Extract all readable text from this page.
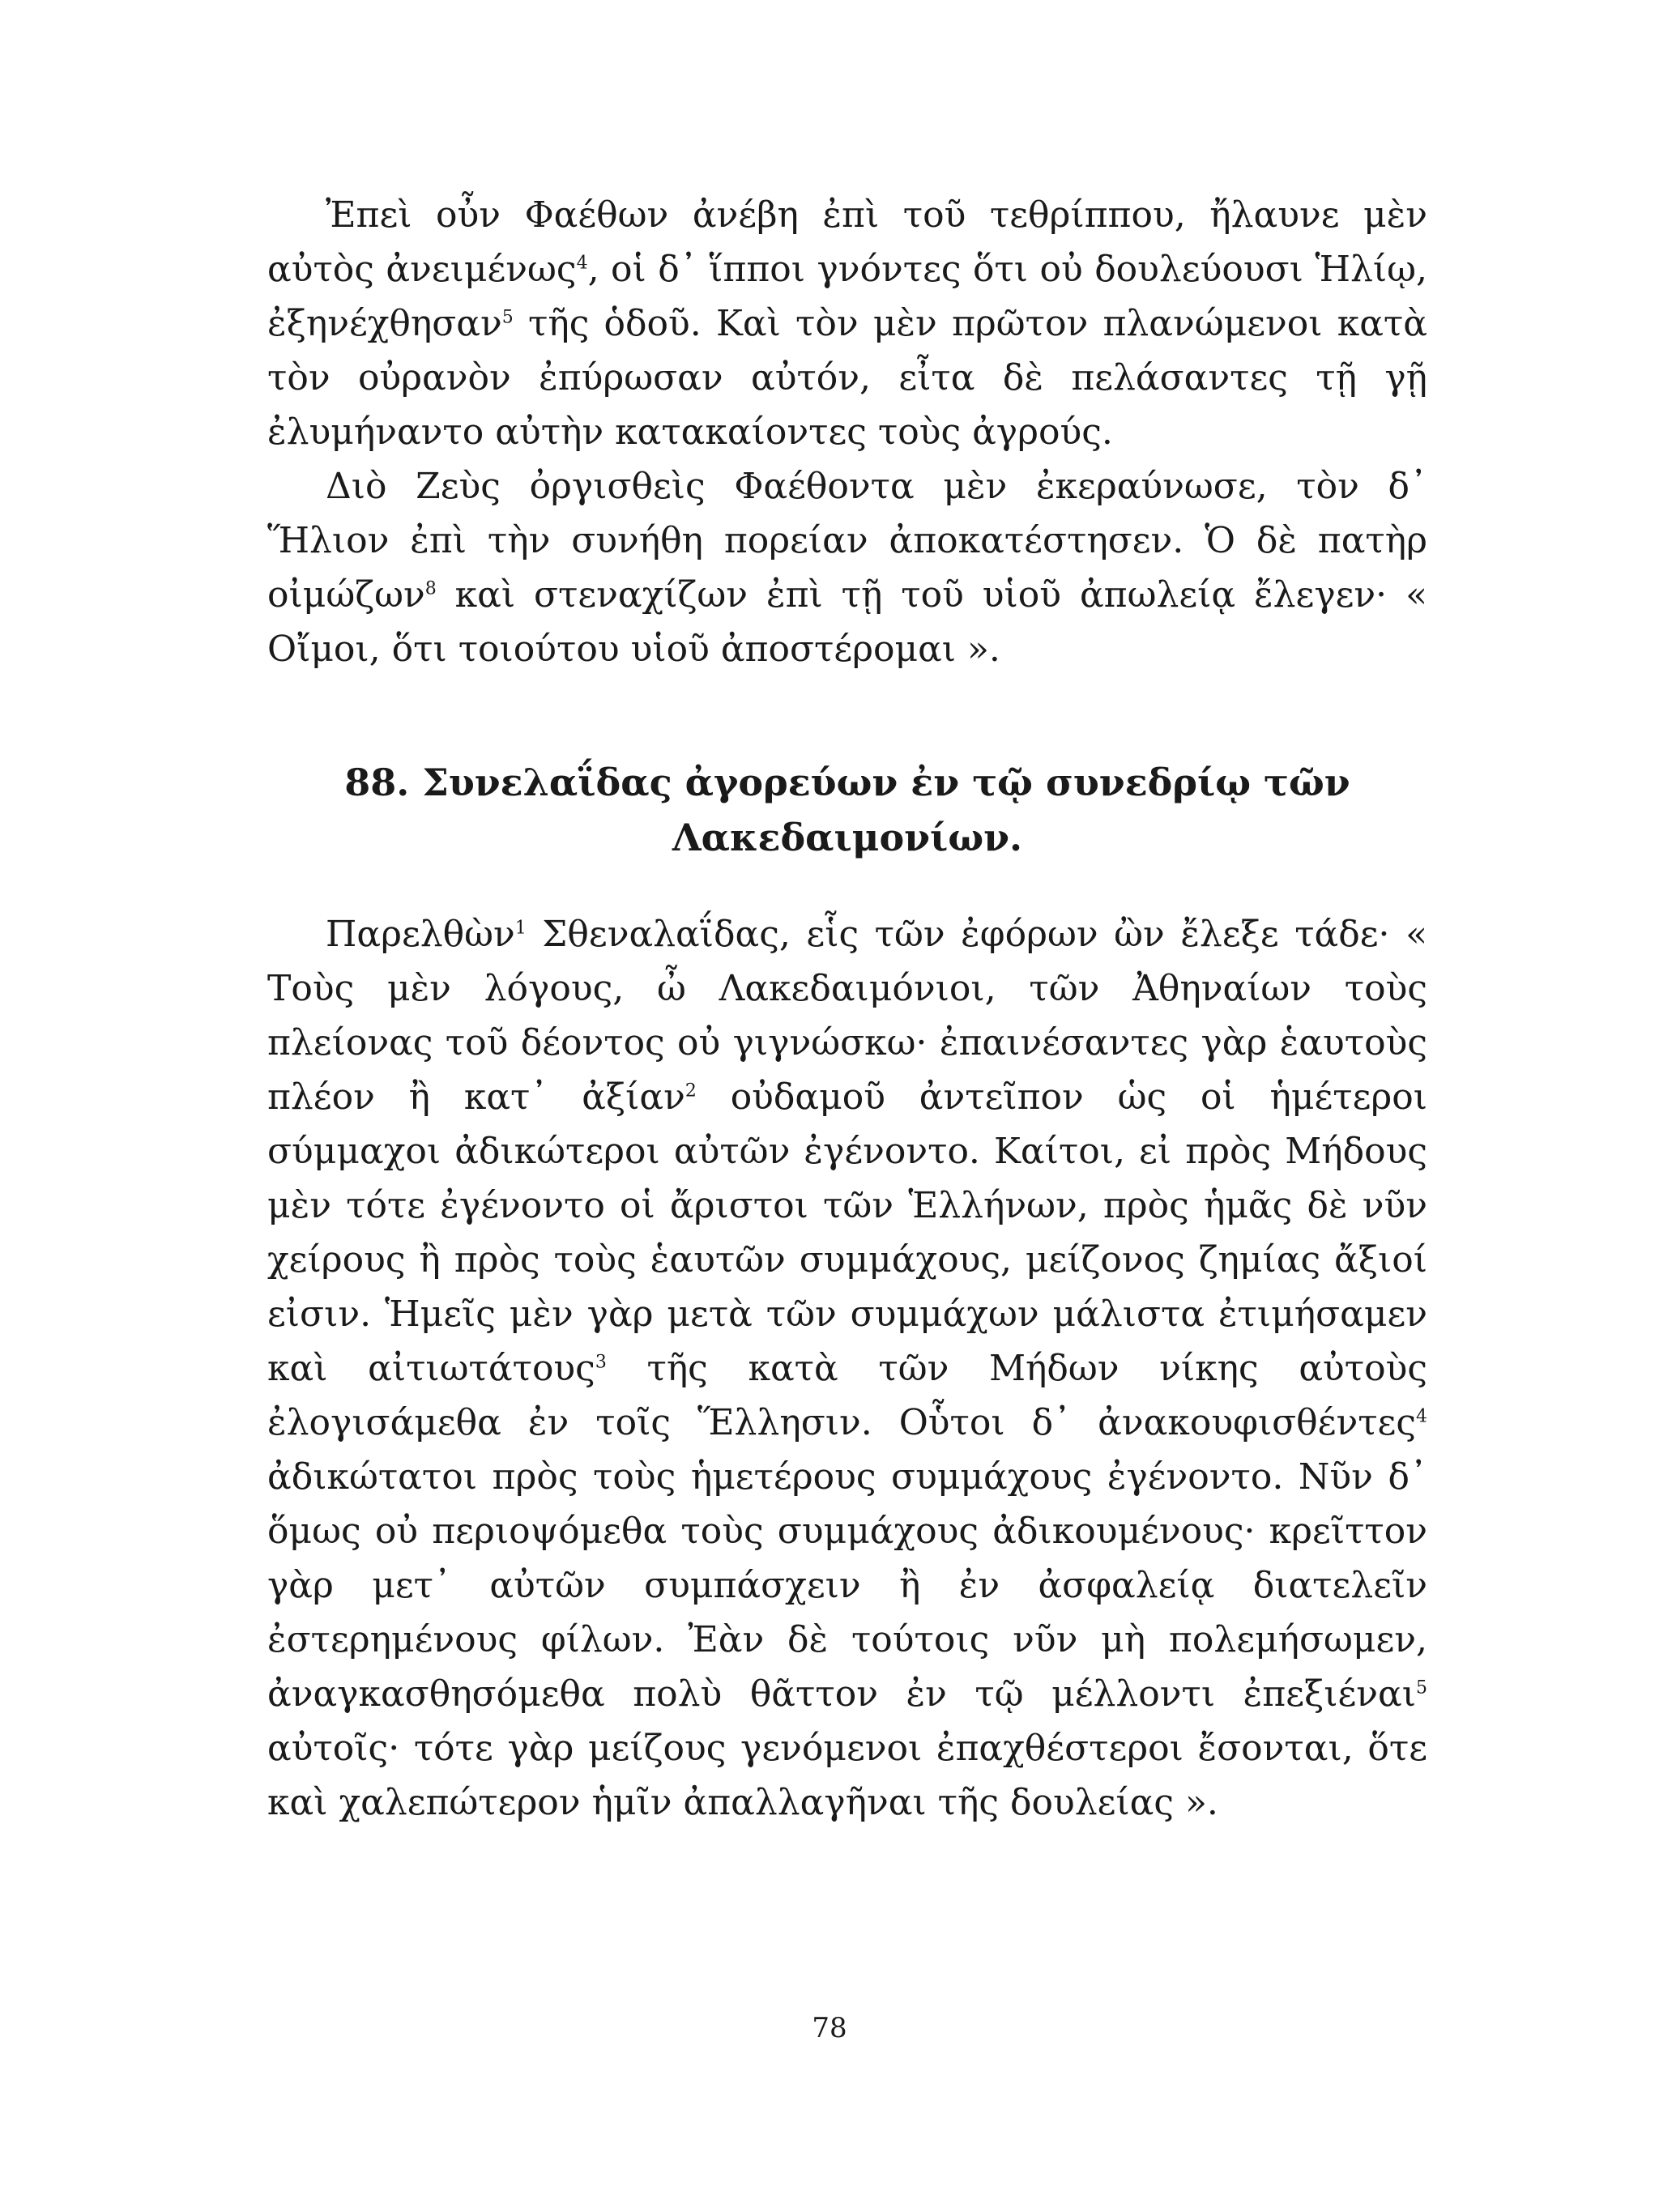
Ἐπεὶ οὖν Φαέθων ἀνέβη ἐπὶ τοῦ τεθρίππου, ἤλαυνε μὲν αὐτὸς ἀνειμένως$^4$, οἱ δ᾽ ἵπποι γνόντες ὅτι οὐ δουλεύουσι Ἡλίῳ, ἐξηνέχθησαν$^5$ τῆς ὁδοῦ. Καὶ τὸν μὲν πρῶτον πλανώμενοι κατὰ τὸν οὐρανὸν ἐπύρωσαν αὐτόν, εἶτα δὲ πελάσαντες τῇ γῇ ἐλυμήναντο αὐτὴν κατακαίοντες τοὺς ἀγρούς.

Διὸ Ζεὺς ὀργισθεὶς Φαέθοντα μὲν ἐκεραύνωσε, τὸν δ᾽ Ἥλιον ἐπὶ τὴν συνήθη πορείαν ἀποκατέστησεν. Ὁ δὲ πατὴρ οἰμώζων$^8$ καὶ στεναχίζων ἐπὶ τῇ τοῦ υἱοῦ ἀπωλείᾳ ἔλεγεν· « Οἴμοι, ὅτι τοιούτου υἱοῦ ἀποστέρομαι ».

88. Συνελαΐδας ἀγορεύων ἐν τῷ συνεδρίῳ τῶν
Λακεδαιμονίων.

Παρελθὼν$^1$ Σθεναλαΐδας, εἷς τῶν ἐφόρων ὢν ἔλεξε τάδε· « Τοὺς μὲν λόγους, ὦ Λακεδαιμόνιοι, τῶν Ἀθηναίων τοὺς πλείονας τοῦ δέοντος οὐ γιγνώσκω· ἐπαινέσαντες γὰρ ἑαυτοὺς πλέον ἢ κατ᾽ ἀξίαν$^2$ οὐδαμοῦ ἀντεῖπον ὡς οἱ ἡμέτεροι σύμμαχοι ἀδικώτεροι αὐτῶν ἐγένοντο. Καίτοι, εἰ πρὸς Μήδους μὲν τότε ἐγένοντο οἱ ἄριστοι τῶν Ἑλλήνων, πρὸς ἡμᾶς δὲ νῦν χείρους ἢ πρὸς τοὺς ἑαυτῶν συμμάχους, μείζονος ζημίας ἄξιοί εἰσιν. Ἡμεῖς μὲν γὰρ μετὰ τῶν συμμάχων μάλιστα ἐτιμήσαμεν καὶ αἰτιωτάτους$^3$ τῆς κατὰ τῶν Μήδων νίκης αὐτοὺς ἐλογισάμεθα ἐν τοῖς Ἕλλησιν. Οὗτοι δ᾽ ἀνακουφισθέντες$^4$ ἀδικώτατοι πρὸς τοὺς ἡμετέρους συμμάχους ἐγένοντο. Νῦν δ᾽ ὅμως οὐ περιοψόμεθα τοὺς συμμάχους ἀδικουμένους· κρεῖττον γὰρ μετ᾽ αὐτῶν συμπάσχειν ἢ ἐν ἀσφαλείᾳ διατελεῖν ἐστερημένους φίλων. Ἐὰν δὲ τούτοις νῦν μὴ πολεμήσωμεν, ἀναγκασθησόμεθα πολὺ θᾶττον ἐν τῷ μέλλοντι ἐπεξιέναι$^5$ αὐτοῖς· τότε γὰρ μείζους γενόμενοι ἐπαχθέστεροι ἔσονται, ὅτε καὶ χαλεπώτερον ἡμῖν ἀπαλλαγῆναι τῆς δουλείας ».

78
